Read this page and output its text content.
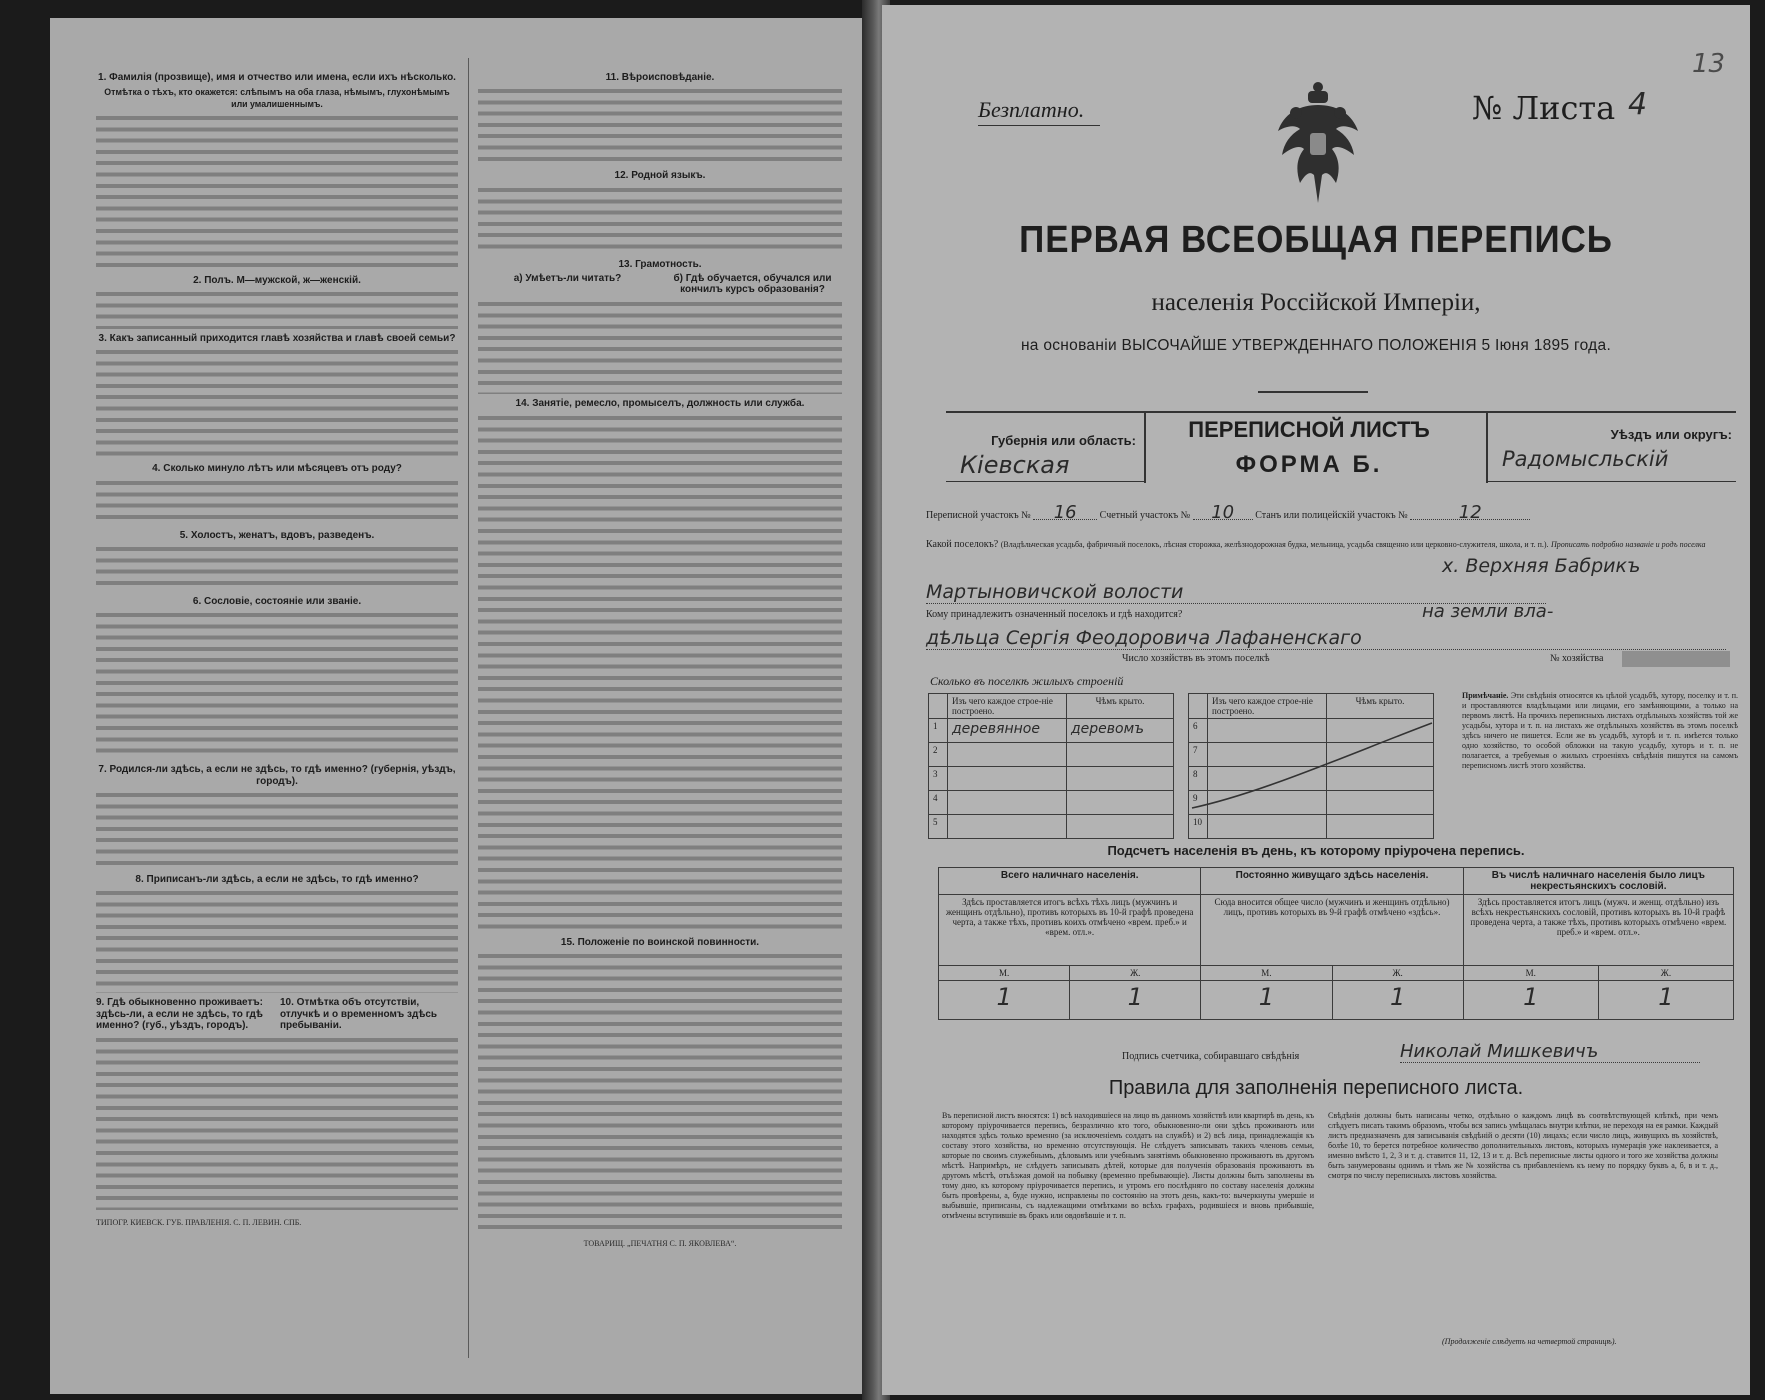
1. Фамилія (прозвище), имя и отчество или имена, если ихъ нѣсколько.
Отмѣтка о тѣхъ, кто окажется: слѣпымъ на оба глаза, нѣмымъ, глухонѣмымъ или умалишеннымъ.
2. Полъ. М—мужской, ж—женскій.
3. Какъ записанный приходится главѣ хозяйства и главѣ своей семьи?
4. Сколько минуло лѣтъ или мѣсяцевъ отъ роду?
5. Холостъ, женатъ, вдовъ, разведенъ.
6. Сословіе, состояніе или званіе.
7. Родился-ли здѣсь, а если не здѣсь, то гдѣ именно? (губернія, уѣздъ, городъ).
8. Приписанъ-ли здѣсь, а если не здѣсь, то гдѣ именно?
9. Гдѣ обыкновенно проживаетъ: здѣсь-ли, а если не здѣсь, то гдѣ именно? (губ., уѣздъ, городъ).
10. Отмѣтка объ отсутствіи, отлучкѣ и о временномъ здѣсь пребываніи.
ТИПОГР. КИЕВСК. ГУБ. ПРАВЛЕНІЯ. С. П. ЛЕВИН. СПБ.
11. Вѣроисповѣданіе.
12. Родной языкъ.
13. Грамотность.
а) Умѣетъ-ли читать?	б) Гдѣ обучается, обучался или кончилъ курсъ образованія?
14. Занятіе, ремесло, промыселъ, должность или служба.
15. Положеніе по воинской повинности.
ТОВАРИЩ. „ПЕЧАТНЯ С. П. ЯКОВЛЕВА“.
Безплатно.	№ Листа 4
13
ПЕРВАЯ ВСЕОБЩАЯ ПЕРЕПИСЬ
населенія Россійской Имперіи,
на основаніи ВЫСОЧАЙШЕ УТВЕРЖДЕННАГО ПОЛОЖЕНІЯ 5 Іюня 1895 года.
Губернія или область:
Кіевская
ПЕРЕПИСНОЙ ЛИСТЪ
ФОРМА Б.
Уѣздъ или округъ:
Радомысльскій
Переписной участокъ № 16 Счетный участокъ № 10 Станъ или полицейскій участокъ №	12
Какой поселокъ? (Владѣльческая усадьба, фабричный поселокъ, лѣсная сторожка, желѣзнодорожная будка, мельница, усадьба священно или церковно-служителя, школа, и т. п.). Прописать подробно названіе и родъ поселка
х. Верхняя Бабрикъ
Мартыновичской волости
Кому принадлежитъ означенный поселокъ и гдѣ находится?	на земли вла-
дѣльца Сергія Феодоровича Лафаненскаго
Число хозяйствъ въ этомъ поселкѣ	№ хозяйства
Сколько въ поселкѣ жилыхъ строеній
	Изъ чего каждое строе-ніе построено.	Чѣмъ крыто.
1	деревянное	деревомъ
2		
3		
4		
5		
	Изъ чего каждое строе-ніе построено.	Чѣмъ крыто.
6		
7		
8		
9		
10		
Примѣчаніе. Эти свѣдѣнія относятся къ цѣлой усадьбѣ, хутору, поселку и т. п. и проставляются владѣльцами или лицами, его замѣняющими, а только на первомъ листѣ. На прочихъ переписныхъ листахъ отдѣльныхъ хозяйствъ той же усадьбы, хутора и т. п. на листахъ же отдѣльныхъ хозяйствъ въ этомъ поселкѣ здѣсь ничего не пишется. Если же въ усадьбѣ, хуторѣ и т. п. имѣется только одно хозяйство, то особой обложки на такую усадьбу, хуторъ и т. п. не полагается, а требуемыя о жилыхъ строеніяхъ свѣдѣнія пишутся на самомъ переписномъ листѣ этого хозяйства.
Подсчетъ населенія въ день, къ которому пріурочена перепись.
Всего наличнаго населенія.		Постоянно живущаго здѣсь населенія.		Въ числѣ наличнаго населенія было лицъ некрестьянскихъ сословій.	
Здѣсь проставляется итогъ всѣхъ тѣхъ лицъ (мужчинъ и женщинъ отдѣльно), противъ которыхъ въ 10-й графѣ проведена черта, а также тѣхъ, противъ коихъ отмѣчено «врем. преб.» и «врем. отл.».		Сюда вносится общее число (мужчинъ и женщинъ отдѣльно) лицъ, противъ которыхъ въ 9-й графѣ отмѣчено «здѣсь».		Здѣсь проставляется итогъ лицъ (мужч. и женщ. отдѣльно) изъ всѣхъ некрестьянскихъ сословій, противъ которыхъ въ 10-й графѣ проведена черта, а также тѣхъ, противъ которыхъ отмѣчено «врем. преб.» и «врем. отл.».	
М.	Ж.	М.	Ж.	М.	Ж.
1	1	1	1	1	1
Подпись счетчика, собиравшаго свѣдѣнія	Николай Мишкевичъ
Правила для заполненія переписного листа.
Въ переписной листъ вносятся: 1) всѣ находившіеся на лицо въ данномъ хозяйствѣ или квартирѣ въ день, къ которому пріурочивается перепись, безразлично кто того, обыкновенно-ли они здѣсь проживаютъ или находятся здѣсь только временно (за исключеніемъ солдатъ на службѣ) и 2) всѣ лица, принадлежащія къ составу этого хозяйства, но временно отсутствующія. Не слѣдуетъ записывать такихъ членовъ семьи, которые по своимъ служебнымъ, дѣловымъ или учебнымъ занятіямъ обыкновенно проживаютъ въ другомъ мѣстѣ. Напримѣръ, не слѣдуетъ записывать дѣтей, которые для полученія образованія проживаютъ въ другомъ мѣстѣ, отъѣзжая домой на побывку (временно пребывающіе). Листы должны быть заполнены въ тому дню, къ которому пріурочивается перепись, и утромъ его послѣдняго по составу населенія должны быть провѣрены, а, буде нужно, исправлены по состоянію на этотъ день, какъ-то: вычеркнуты умершіе и выбывшіе, приписаны, съ надлежащими отмѣтками во всѣхъ графахъ, родившіеся и вновь прибывшіе, отмѣчены вступившіе въ бракъ или овдовѣвшіе и т. п.
Свѣдѣнія должны быть написаны четко, отдѣльно о каждомъ лицѣ въ соотвѣтствующей клѣткѣ, при чемъ слѣдуетъ писать такимъ образомъ, чтобы вся запись умѣщалась внутри клѣтки, не переходя на ея рамки. Каждый листъ предназначенъ для записыванія свѣдѣній о десяти (10) лицахъ; если число лицъ, живущихъ въ хозяйствѣ, болѣе 10, то берется потребное количество дополнительныхъ листовъ, которыхъ нумерація уже наклеивается, а именно вмѣсто 1, 2, 3 и т. д. ставится 11, 12, 13 и т. д. Всѣ переписные листы одного и того же хозяйства должны быть занумерованы однимъ и тѣмъ же № хозяйства съ прибавленіемъ къ нему по порядку буквъ а, б, в и т. д., смотря по числу переписныхъ листовъ хозяйства.
(Продолженіе слѣдуетъ на четвертой страницѣ).
